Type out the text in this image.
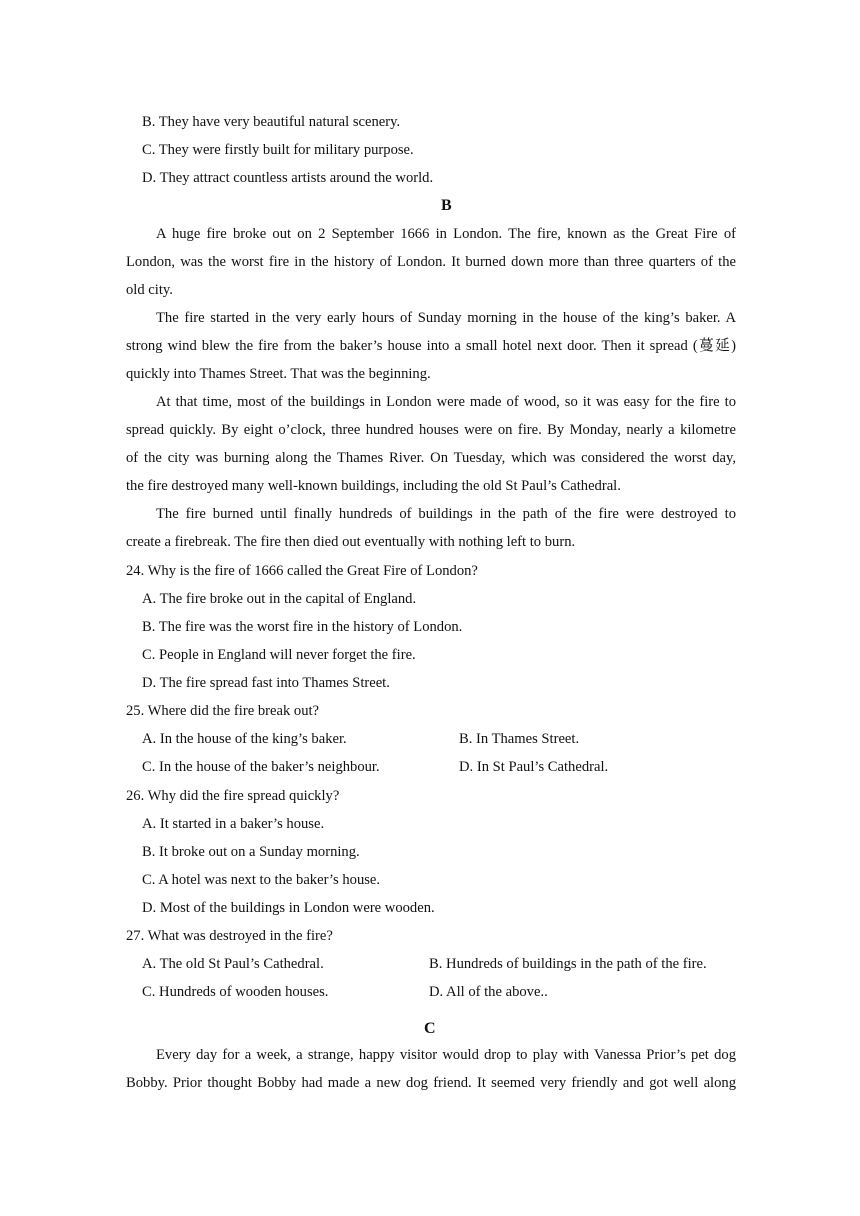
B. They have very beautiful natural scenery.
C. They were firstly built for military purpose.
D. They attract countless artists around the world.
B
A huge fire broke out on 2 September 1666 in London. The fire, known as the Great Fire of
London, was the worst fire in the history of London. It burned down more than three quarters of the
old city.
The fire started in the very early hours of Sunday morning in the house of the king’s baker. A
strong wind blew the fire from the baker’s house into a small hotel next door. Then it spread (蔓延)
quickly into Thames Street. That was the beginning.
At that time, most of the buildings in London were made of wood, so it was easy for the fire to
spread quickly. By eight o’clock, three hundred houses were on fire. By Monday, nearly a kilometre
of the city was burning along the Thames River. On Tuesday, which was considered the worst day,
the fire destroyed many well-known buildings, including the old St Paul’s Cathedral.
The fire burned until finally hundreds of buildings in the path of the fire were destroyed to
create a firebreak. The fire then died out eventually with nothing left to burn.
24. Why is the fire of 1666 called the Great Fire of London?
A. The fire broke out in the capital of England.
B. The fire was the worst fire in the history of London.
C. People in England will never forget the fire.
D. The fire spread fast into Thames Street.
25. Where did the fire break out?
A. In the house of the king’s baker.	B. In Thames Street.
C. In the house of the baker’s neighbour.	D. In St Paul’s Cathedral.
26. Why did the fire spread quickly?
A. It started in a baker’s house.
B. It broke out on a Sunday morning.
C. A hotel was next to the baker’s house.
D. Most of the buildings in London were wooden.
27. What was destroyed in the fire?
A. The old St Paul’s Cathedral.	B. Hundreds of buildings in the path of the fire.
C. Hundreds of wooden houses.	D. All of the above..
C
Every day for a week, a strange, happy visitor would drop to play with Vanessa Prior’s pet dog
Bobby. Prior thought Bobby had made a new dog friend. It seemed very friendly and got well along
